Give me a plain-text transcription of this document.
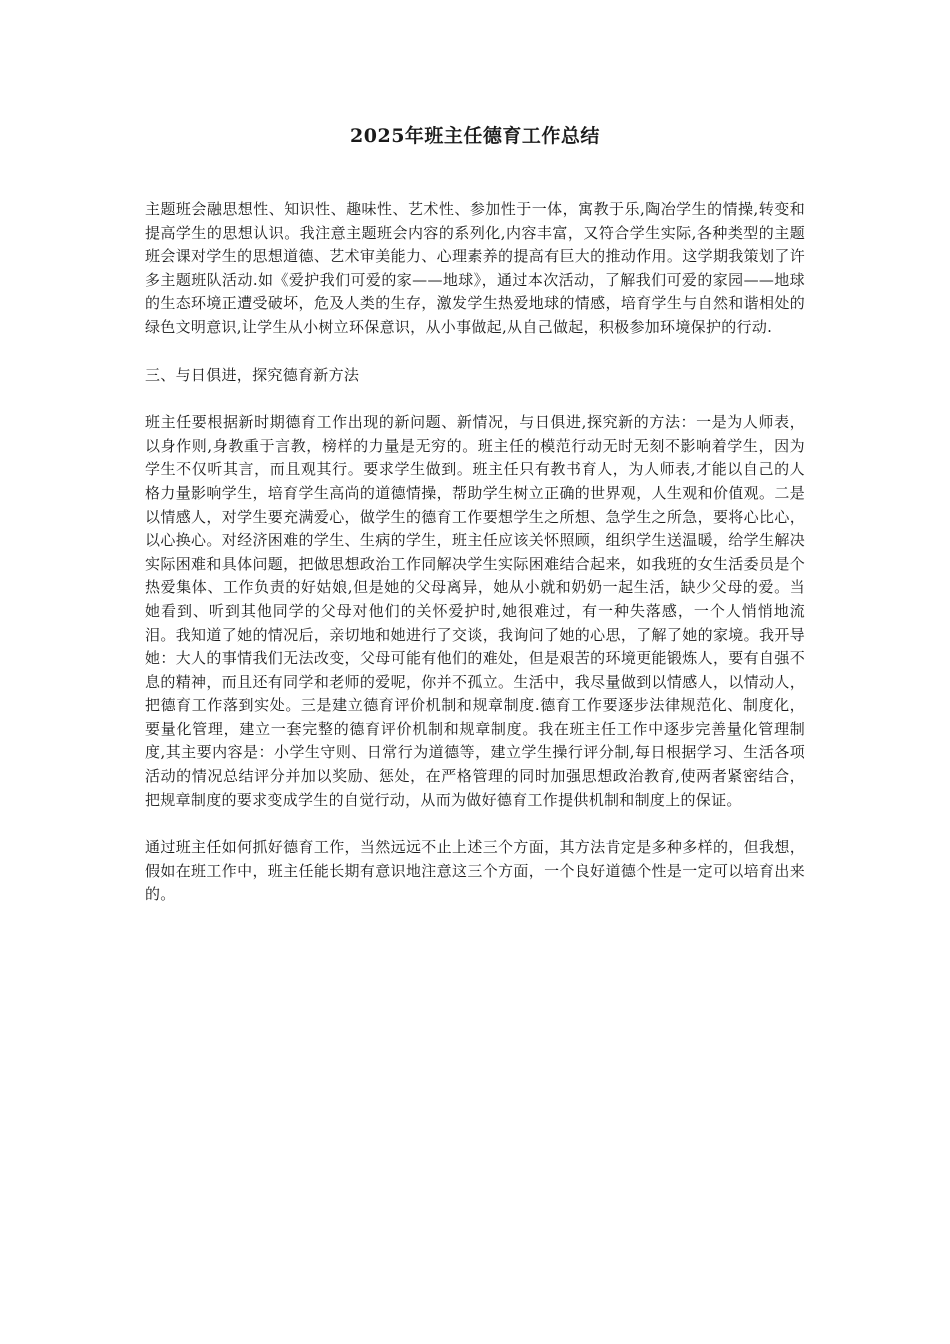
2025年班主任德育工作总结

主题班会融思想性、知识性、趣味性、艺术性、参加性于一体，寓教于乐,陶冶学生的情操,转变和提高学生的思想认识。我注意主题班会内容的系列化,内容丰富，又符合学生实际,各种类型的主题班会课对学生的思想道德、艺术审美能力、心理素养的提高有巨大的推动作用。这学期我策划了许多主题班队活动.如《爱护我们可爱的家——地球》，通过本次活动，了解我们可爱的家园——地球的生态环境正遭受破坏，危及人类的生存，激发学生热爱地球的情感，培育学生与自然和谐相处的绿色文明意识,让学生从小树立环保意识，从小事做起,从自己做起，积极参加环境保护的行动.

三、与日俱进，探究德育新方法

班主任要根据新时期德育工作出现的新问题、新情况，与日俱进,探究新的方法：一是为人师表，以身作则,身教重于言教，榜样的力量是无穷的。班主任的模范行动无时无刻不影响着学生，因为学生不仅听其言，而且观其行。要求学生做到。班主任只有教书育人，为人师表,才能以自己的人格力量影响学生，培育学生高尚的道德情操，帮助学生树立正确的世界观，人生观和价值观。二是以情感人，对学生要充满爱心，做学生的德育工作要想学生之所想、急学生之所急，要将心比心，以心换心。对经济困难的学生、生病的学生，班主任应该关怀照顾，组织学生送温暖，给学生解决实际困难和具体问题，把做思想政治工作同解决学生实际困难结合起来，如我班的女生活委员是个热爱集体、工作负责的好姑娘,但是她的父母离异，她从小就和奶奶一起生活，缺少父母的爱。当她看到、听到其他同学的父母对他们的关怀爱护时,她很难过，有一种失落感，一个人悄悄地流泪。我知道了她的情况后，亲切地和她进行了交谈，我询问了她的心思，了解了她的家境。我开导她：大人的事情我们无法改变，父母可能有他们的难处，但是艰苦的环境更能锻炼人，要有自强不息的精神，而且还有同学和老师的爱呢，你并不孤立。生活中，我尽量做到以情感人，以情动人，把德育工作落到实处。三是建立德育评价机制和规章制度.德育工作要逐步法律规范化、制度化，要量化管理，建立一套完整的德育评价机制和规章制度。我在班主任工作中逐步完善量化管理制度,其主要内容是：小学生守则、日常行为道德等，建立学生操行评分制,每日根据学习、生活各项活动的情况总结评分并加以奖励、惩处，在严格管理的同时加强思想政治教育,使两者紧密结合，把规章制度的要求变成学生的自觉行动，从而为做好德育工作提供机制和制度上的保证。

通过班主任如何抓好德育工作，当然远远不止上述三个方面，其方法肯定是多种多样的，但我想，假如在班工作中，班主任能长期有意识地注意这三个方面，一个良好道德个性是一定可以培育出来的。
